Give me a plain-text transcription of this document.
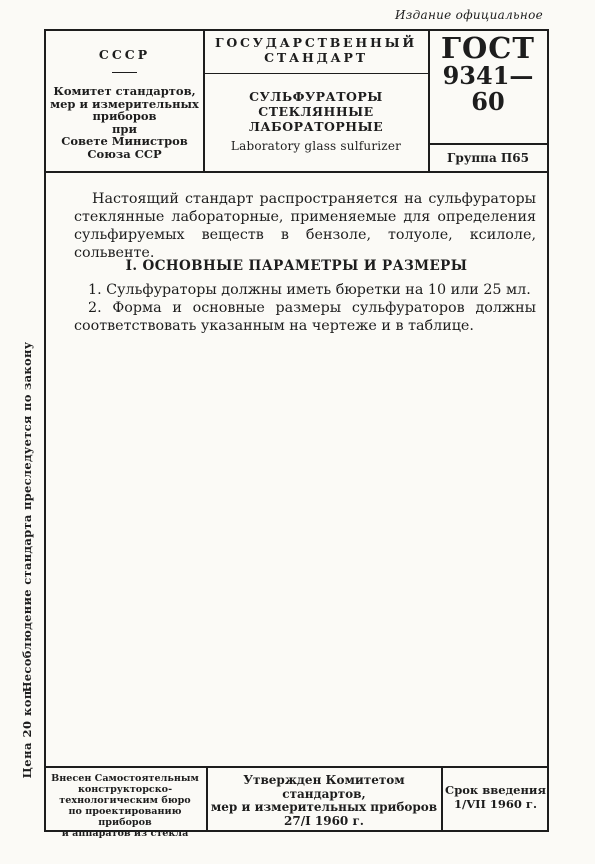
Издание официальное
СССР
Комитет стандартов,
мер и измерительных
приборов
при
Совете Министров
Союза ССР
ГОСУДАРСТВЕННЫЙ
СТАНДАРТ
СУЛЬФУРАТОРЫ
СТЕКЛЯННЫЕ
ЛАБОРАТОРНЫЕ
Laboratory glass sulfurizer
ГОСТ
9341—60
Группа П65
Настоящий стандарт распространяется на сульфураторы стеклянные лабораторные, применяемые для определения сульфируемых веществ в бензоле, толуоле, ксилоле, сольвенте.
I. ОСНОВНЫЕ ПАРАМЕТРЫ И РАЗМЕРЫ
1. Сульфураторы должны иметь бюретки на 10 или 25 мл.
2. Форма и основные размеры сульфураторов должны соответствовать указанным на чертеже и в таблице.
Несоблюдение стандарта преследуется по закону
Цена 20 коп.
Внесен Самостоятельным
конструкторско-
технологическим бюро
по проектированию приборов
и аппаратов из стекла
Утвержден Комитетом стандартов,
мер и измерительных приборов
27/I 1960 г.
Срок введения
1/VII 1960 г.
